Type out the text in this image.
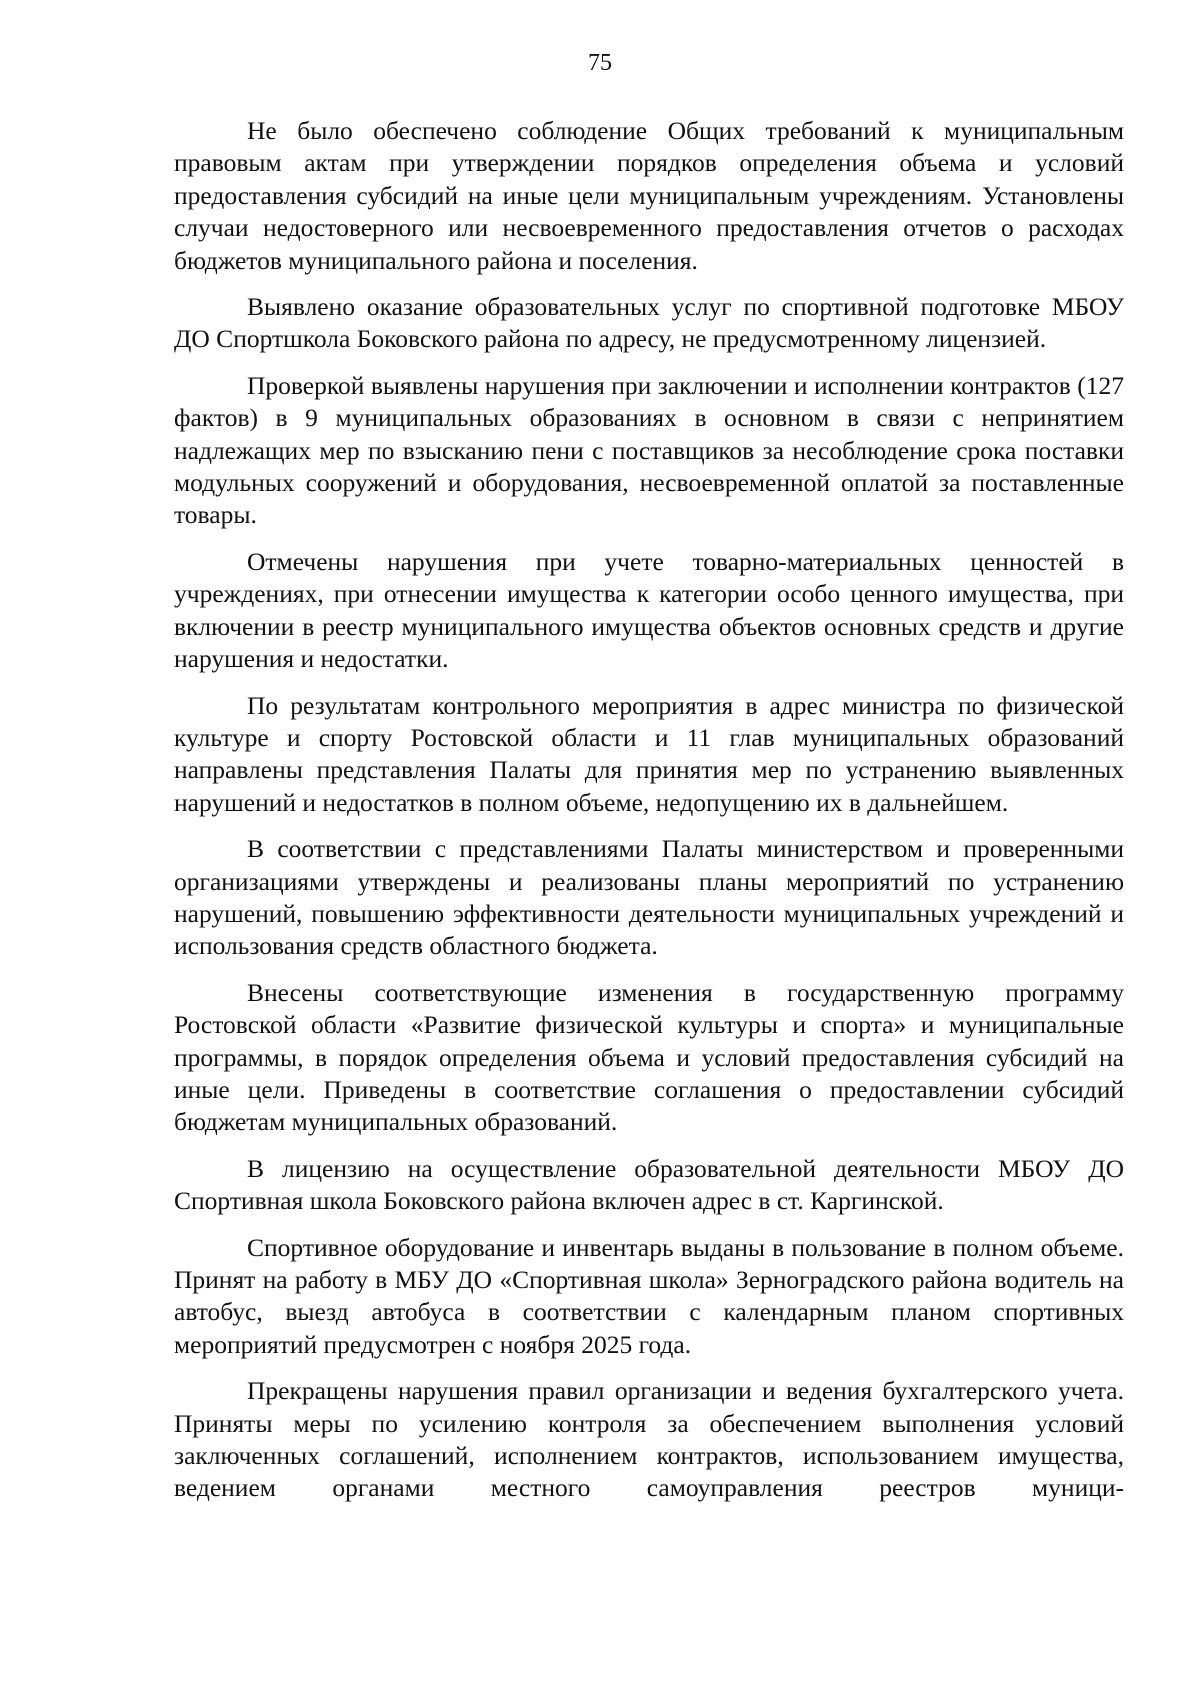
75

Не было обеспечено соблюдение Общих требований к муниципальным правовым актам при утверждении порядков определения объема и условий предоставления субсидий на иные цели муниципальным учреждениям. Установлены случаи недостоверного или несвоевременного предоставления отчетов о расходах бюджетов муниципального района и поселения.

Выявлено оказание образовательных услуг по спортивной подготовке МБОУ ДО Спортшкола Боковского района по адресу, не предусмотренному лицензией.

Проверкой выявлены нарушения при заключении и исполнении контрактов (127 фактов) в 9 муниципальных образованиях в основном в связи с непринятием надлежащих мер по взысканию пени с поставщиков за несоблюдение срока поставки модульных сооружений и оборудования, несвоевременной оплатой за поставленные товары.

Отмечены нарушения при учете товарно-материальных ценностей в учреждениях, при отнесении имущества к категории особо ценного имущества, при включении в реестр муниципального имущества объектов основных средств и другие нарушения и недостатки.

По результатам контрольного мероприятия в адрес министра по физической культуре и спорту Ростовской области и 11 глав муниципальных образований направлены представления Палаты для принятия мер по устранению выявленных нарушений и недостатков в полном объеме, недопущению их в дальнейшем.

В соответствии с представлениями Палаты министерством и проверенными организациями утверждены и реализованы планы мероприятий по устранению нарушений, повышению эффективности деятельности муниципальных учреждений и использования средств областного бюджета.

Внесены соответствующие изменения в государственную программу Ростовской области «Развитие физической культуры и спорта» и муниципальные программы, в порядок определения объема и условий предоставления субсидий на иные цели. Приведены в соответствие соглашения о предоставлении субсидий бюджетам муниципальных образований.

В лицензию на осуществление образовательной деятельности МБОУ ДО Спортивная школа Боковского района включен адрес в ст. Каргинской.

Спортивное оборудование и инвентарь выданы в пользование в полном объеме. Принят на работу в МБУ ДО «Спортивная школа» Зерноградского района водитель на автобус, выезд автобуса в соответствии с календарным планом спортивных мероприятий предусмотрен с ноября 2025 года.

Прекращены нарушения правил организации и ведения бухгалтерского учета. Приняты меры по усилению контроля за обеспечением выполнения условий заключенных соглашений, исполнением контрактов, использованием имущества, ведением органами местного самоуправления реестров муници-
